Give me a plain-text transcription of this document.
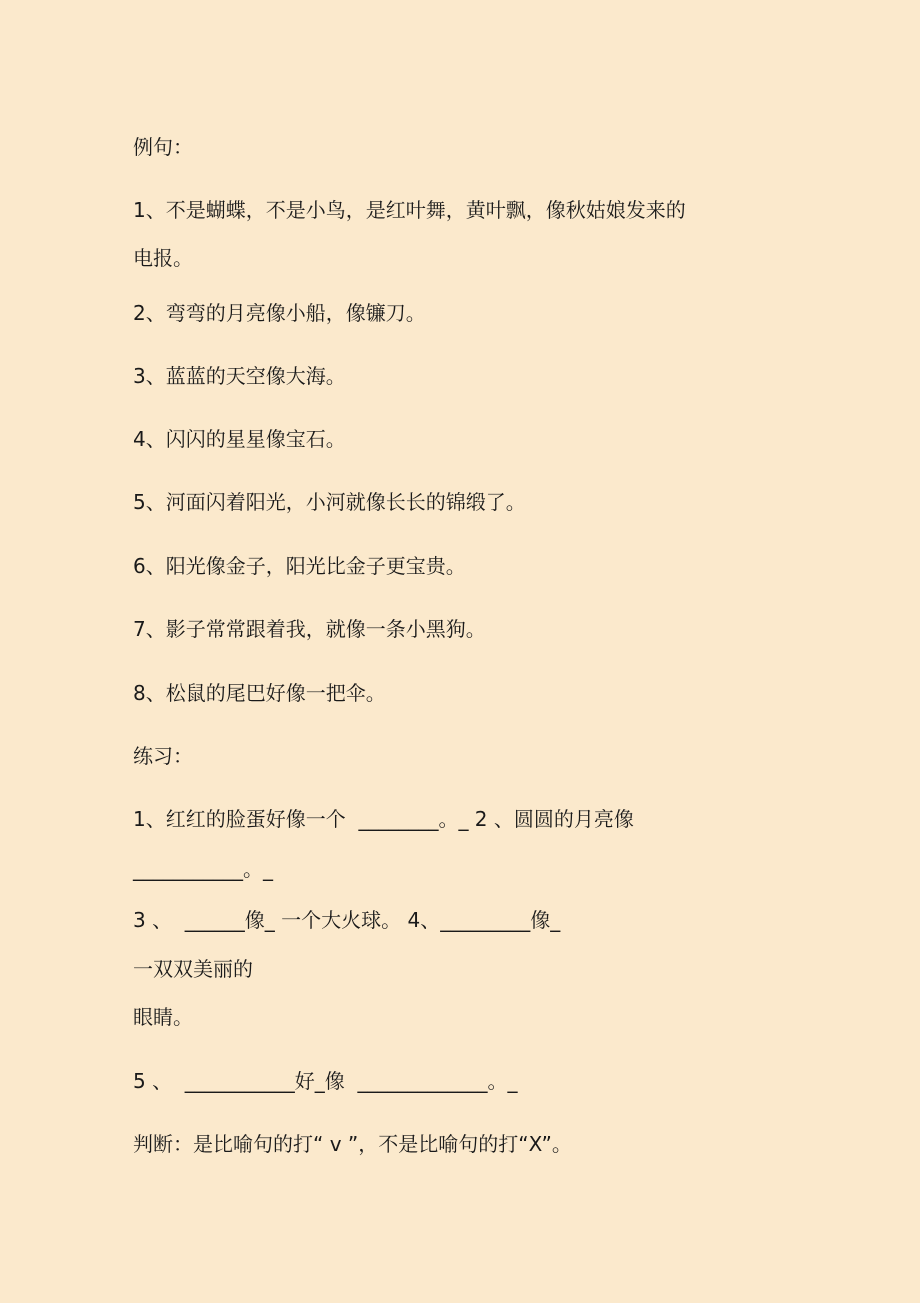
例句：
1、不是蝴蝶，不是小鸟，是红叶舞，黄叶飘，像秋姑娘发来的
电报。
2、弯弯的月亮像小船，像镰刀。
3、蓝蓝的天空像大海。
4、闪闪的星星像宝石。
5、河面闪着阳光，小河就像长长的锦缎了。
6、阳光像金子，阳光比金子更宝贵。
7、影子常常跟着我，就像一条小黑狗。
8、松鼠的尾巴好像一把伞。
练习：
1、红红的脸蛋好像一个  ________。_ 2 、圆圆的月亮像
___________。_
3 、  ______像_ 一个大火球。 4、_________像_
一双双美丽的
眼睛。
5 、  ___________好_像  _____________。_
判断：是比喻句的打“ v ”，不是比喻句的打“X”。
